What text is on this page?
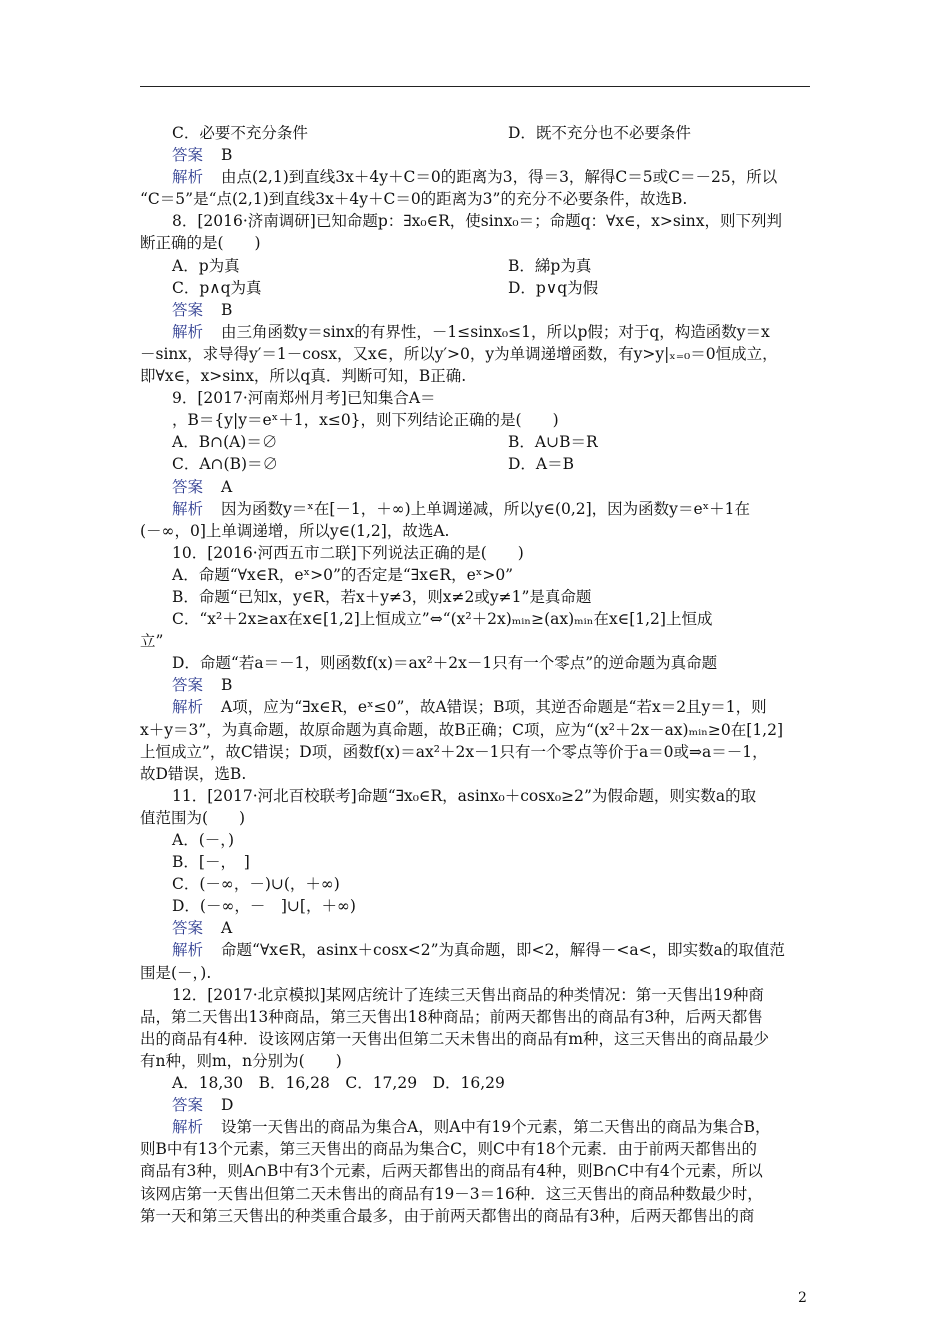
C．必要不充分条件	D．既不充分也不必要条件
答案 B
解析 由点(2,1)到直线3x＋4y＋C＝0的距离为3，得＝3，解得C＝5或C＝－25，所以
“C＝5”是“点(2,1)到直线3x＋4y＋C＝0的距离为3”的充分不必要条件，故选B.
8．[2016·济南调研]已知命题p：∃x₀∈R，使sinx₀＝；命题q：∀x∈，x>sinx，则下列判
断正确的是(　　)
A．p为真	B．綈p为真
C．p∧q为真	D．p∨q为假
答案 B
解析 由三角函数y＝sinx的有界性，－1≤sinx₀≤1，所以p假；对于q，构造函数y＝x
－sinx，求导得y′＝1－cosx，又x∈，所以y′>0，y为单调递增函数，有y>y|ₓ₌₀＝0恒成立，
即∀x∈，x>sinx，所以q真．判断可知，B正确.
9．[2017·河南郑州月考]已知集合A＝
，B＝{y|y＝eˣ＋1，x≤0}，则下列结论正确的是(　　)
A．B∩(A)＝∅	B．A∪B＝R
C．A∩(B)＝∅	D．A＝B
答案 A
解析 因为函数y＝ˣ在[－1，＋∞)上单调递减，所以y∈(0,2]，因为函数y＝eˣ＋1在
(－∞，0]上单调递增，所以y∈(1,2]，故选A.
10．[2016·河西五市二联]下列说法正确的是(　　)
A．命题“∀x∈R，eˣ>0”的否定是“∃x∈R，eˣ>0”
B．命题“已知x，y∈R，若x＋y≠3，则x≠2或y≠1”是真命题
C．“x²＋2x≥ax在x∈[1,2]上恒成立”⇔“(x²＋2x)ₘᵢₙ≥(ax)ₘᵢₙ在x∈[1,2]上恒成
立”
D．命题“若a＝－1，则函数f(x)＝ax²＋2x－1只有一个零点”的逆命题为真命题
答案 B
解析 A项，应为“∃x∈R，eˣ≤0”，故A错误；B项，其逆否命题是“若x＝2且y＝1，则
x＋y＝3”，为真命题，故原命题为真命题，故B正确；C项，应为“(x²＋2x－ax)ₘᵢₙ≥0在[1,2]
上恒成立”，故C错误；D项，函数f(x)＝ax²＋2x－1只有一个零点等价于a＝0或⇒a＝－1，
故D错误，选B.
11．[2017·河北百校联考]命题“∃x₀∈R，asinx₀＋cosx₀≥2”为假命题，则实数a的取
值范围为(　　)
A．(－，)
B．[－，　]
C．(－∞，－)∪(，＋∞)
D．(－∞，－　]∪[，＋∞)
答案 A
解析 命题“∀x∈R，asinx＋cosx<2”为真命题，即<2，解得－<a<，即实数a的取值范
围是(－，).
12．[2017·北京模拟]某网店统计了连续三天售出商品的种类情况：第一天售出19种商
品，第二天售出13种商品，第三天售出18种商品；前两天都售出的商品有3种，后两天都售
出的商品有4种．设该网店第一天售出但第二天未售出的商品有m种，这三天售出的商品最少
有n种，则m，n分别为(　　)
A．18,30　B．16,28　C．17,29　D．16,29
答案 D
解析 设第一天售出的商品为集合A，则A中有19个元素，第二天售出的商品为集合B，
则B中有13个元素，第三天售出的商品为集合C，则C中有18个元素．由于前两天都售出的
商品有3种，则A∩B中有3个元素，后两天都售出的商品有4种，则B∩C中有4个元素，所以
该网店第一天售出但第二天未售出的商品有19－3＝16种．这三天售出的商品种数最少时，
第一天和第三天售出的种类重合最多，由于前两天都售出的商品有3种，后两天都售出的商
2
